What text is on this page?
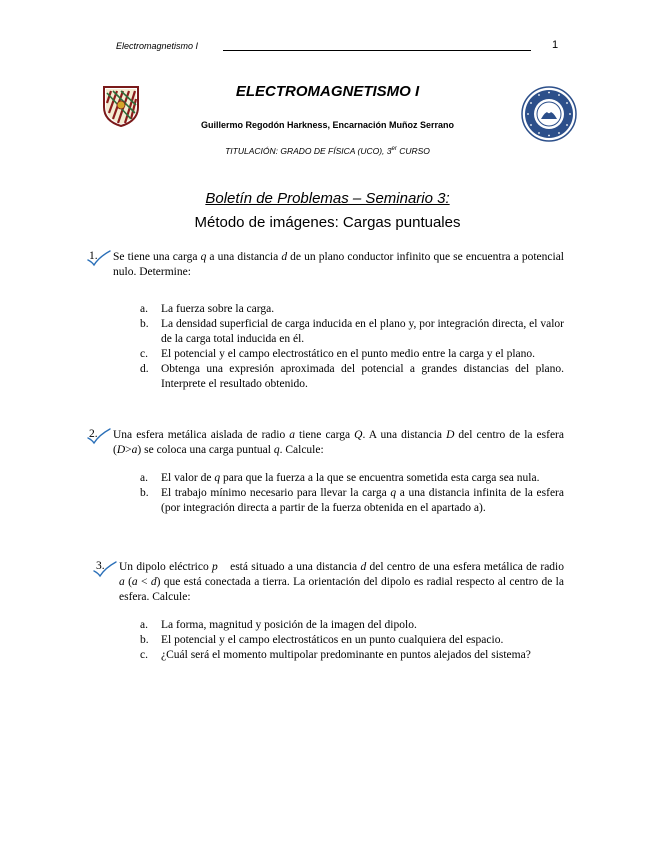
Electromagnetismo I	1
ELECTROMAGNETISMO I
Guillermo Regodón Harkness, Encarnación Muñoz Serrano
TITULACIÓN: GRADO DE FÍSICA (UCO), 3er CURSO
Boletín de Problemas – Seminario 3:
Método de imágenes: Cargas puntuales
1. Se tiene una carga q a una distancia d de un plano conductor infinito que se encuentra a potencial nulo. Determine:
a. La fuerza sobre la carga.
b. La densidad superficial de carga inducida en el plano y, por integración directa, el valor de la carga total inducida en él.
c. El potencial y el campo electrostático en el punto medio entre la carga y el plano.
d. Obtenga una expresión aproximada del potencial a grandes distancias del plano. Interprete el resultado obtenido.
2. Una esfera metálica aislada de radio a tiene carga Q. A una distancia D del centro de la esfera (D>a) se coloca una carga puntual q. Calcule:
a. El valor de q para que la fuerza a la que se encuentra sometida esta carga sea nula.
b. El trabajo mínimo necesario para llevar la carga q a una distancia infinita de la esfera (por integración directa a partir de la fuerza obtenida en el apartado a).
3. Un dipolo eléctrico p⃗ está situado a una distancia d del centro de una esfera metálica de radio a (a < d) que está conectada a tierra. La orientación del dipolo es radial respecto al centro de la esfera. Calcule:
a. La forma, magnitud y posición de la imagen del dipolo.
b. El potencial y el campo electrostáticos en un punto cualquiera del espacio.
c. ¿Cuál será el momento multipolar predominante en puntos alejados del sistema?
